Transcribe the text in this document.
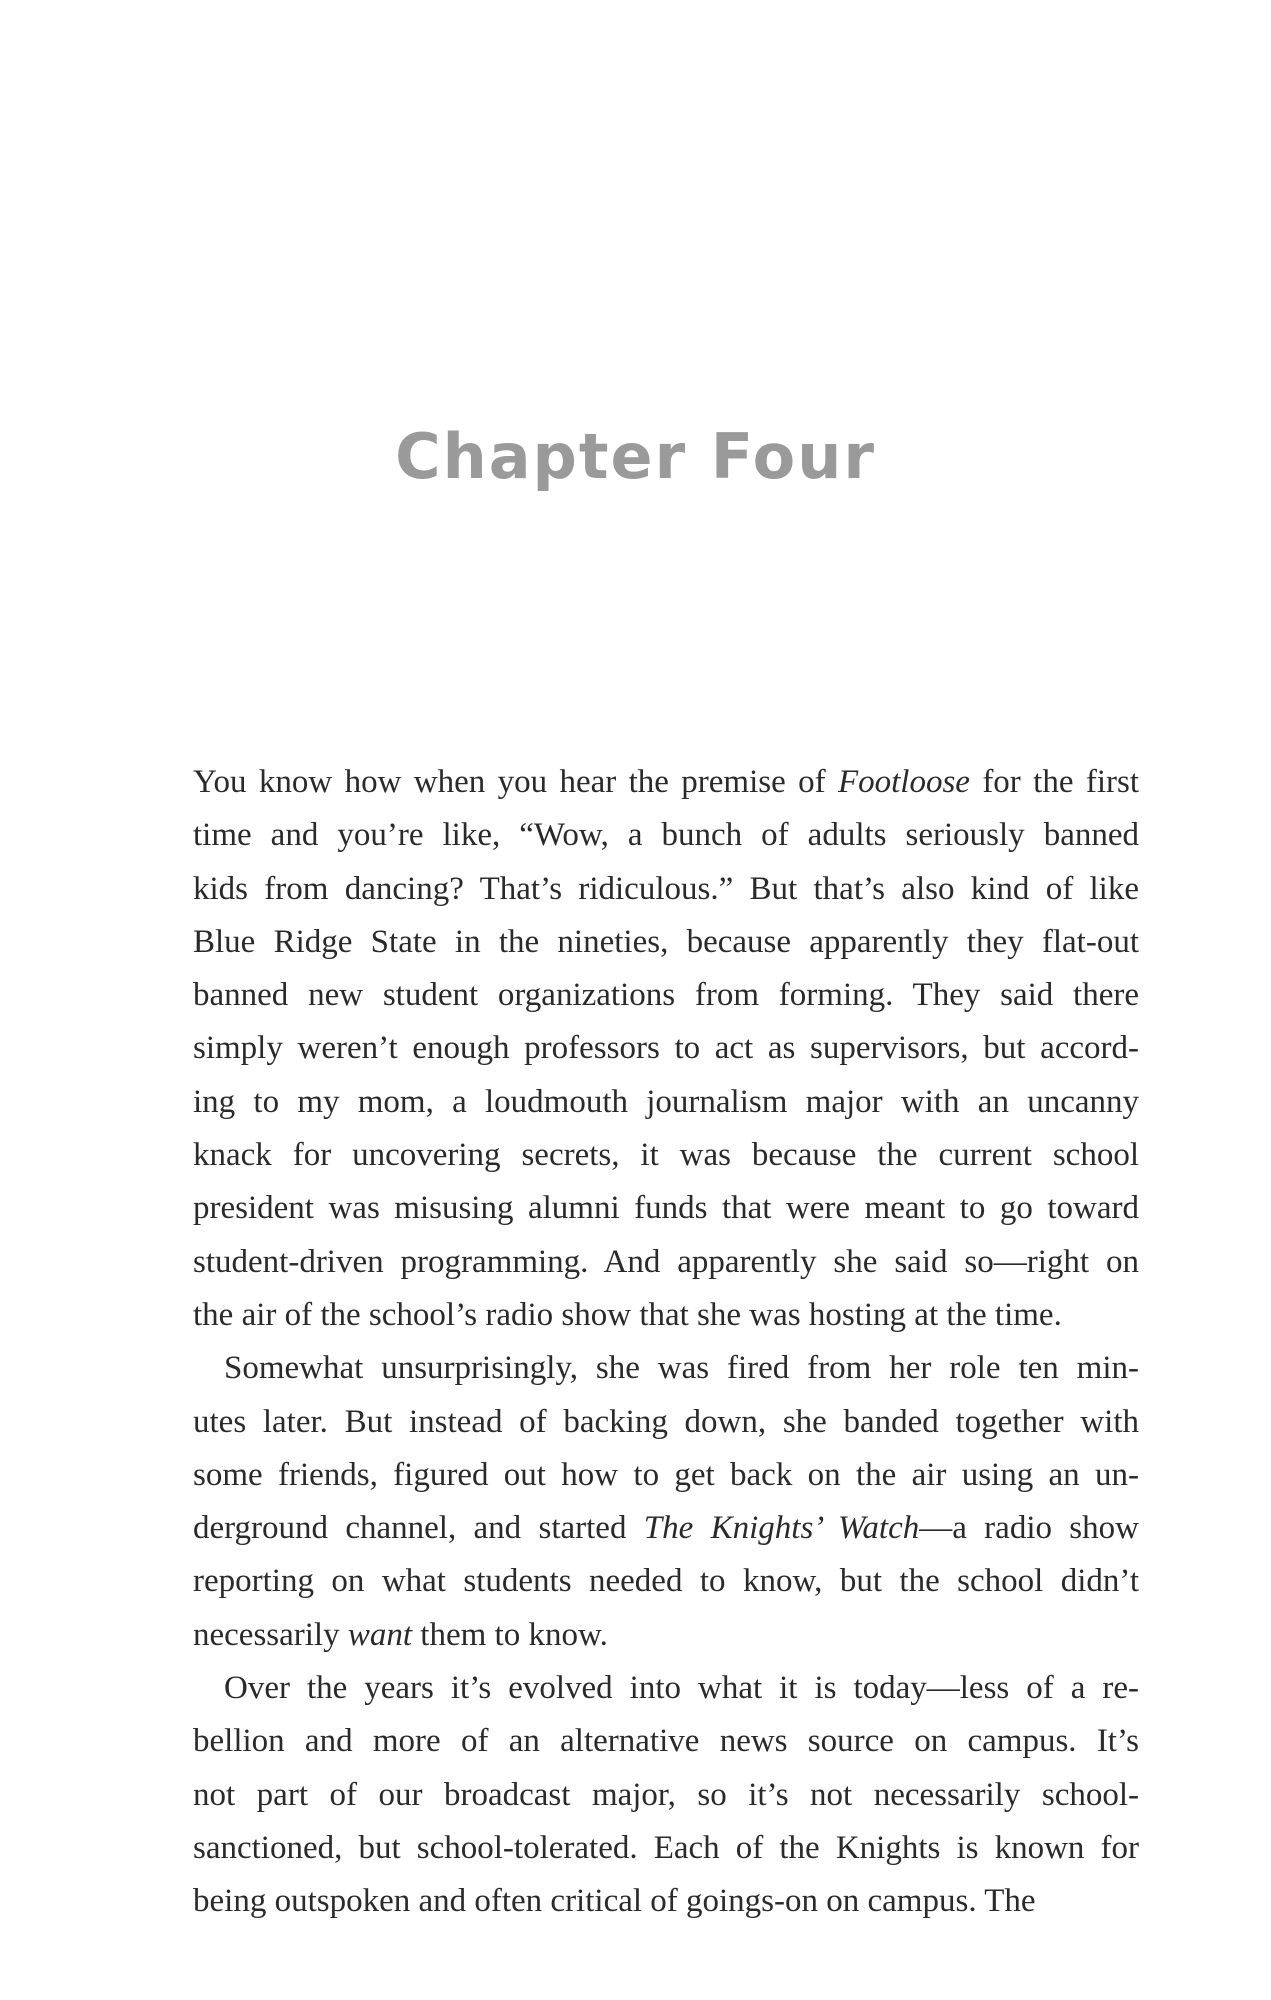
Chapter Four

You know how when you hear the premise of Footloose for the first
time and you’re like, “Wow, a bunch of adults seriously banned
kids from dancing? That’s ridiculous.” But that’s also kind of like
Blue Ridge State in the nineties, because apparently they flat-out
banned new student organizations from forming. They said there
simply weren’t enough professors to act as supervisors, but accord-
ing to my mom, a loudmouth journalism major with an uncanny
knack for uncovering secrets, it was because the current school
president was misusing alumni funds that were meant to go toward
student-driven programming. And apparently she said so—right on
the air of the school’s radio show that she was hosting at the time.

Somewhat unsurprisingly, she was fired from her role ten min-
utes later. But instead of backing down, she banded together with
some friends, figured out how to get back on the air using an un-
derground channel, and started The Knights’ Watch—a radio show
reporting on what students needed to know, but the school didn’t
necessarily want them to know.

Over the years it’s evolved into what it is today—less of a re-
bellion and more of an alternative news source on campus. It’s
not part of our broadcast major, so it’s not necessarily school-
sanctioned, but school-tolerated. Each of the Knights is known for
being outspoken and often critical of goings-on on campus. The
